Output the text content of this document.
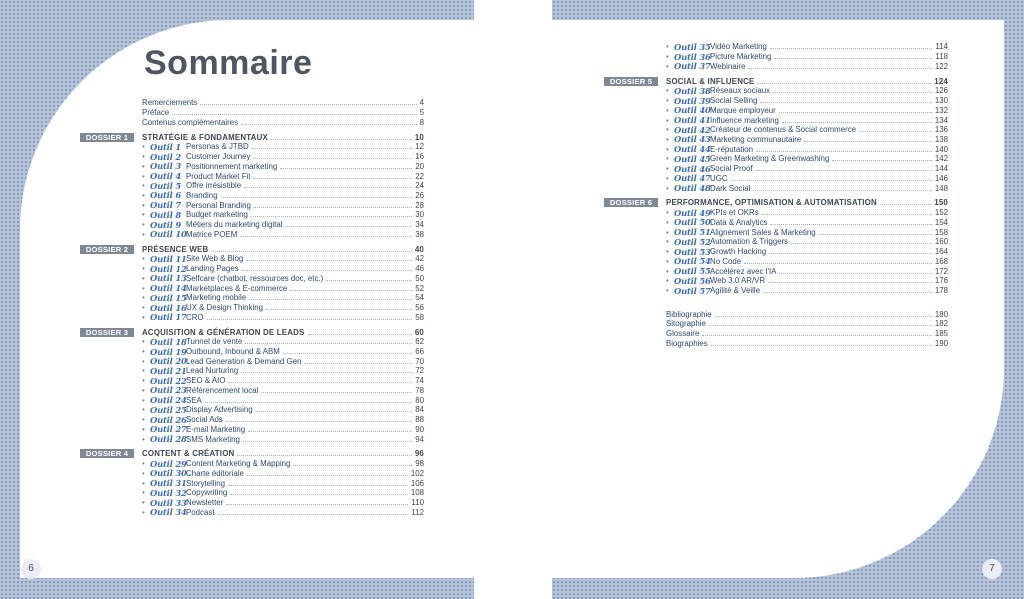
6	7
Sommaire
Remerciements	4
Préface	5
Contenus complémentaires	8
DOSSIER 1	STRATÉGIE & FONDAMENTAUX	10
• Outil 1 Personas & JTBD	12
• Outil 2 Customer Journey	16
• Outil 3 Positionnement marketing	20
• Outil 4 Product Market Fit	22
• Outil 5 Offre irrésistible	24
• Outil 6 Branding	26
• Outil 7 Personal Branding	28
• Outil 8 Budget marketing	30
• Outil 9 Métiers du marketing digital	34
• Outil 10 Matrice POEM	38
DOSSIER 2	PRÉSENCE WEB	40
• Outil 11 Site Web & Blog	42
• Outil 12 Landing Pages	46
• Outil 13 Selfcare (chatbot, ressources doc, etc.)	50
• Outil 14 Marketplaces & E-commerce	52
• Outil 15 Marketing mobile	54
• Outil 16 UX & Design Thinking	56
• Outil 17 CRO	58
DOSSIER 3	ACQUISITION & GÉNÉRATION DE LEADS	60
• Outil 18 Tunnel de vente	62
• Outil 19 Outbound, Inbound & ABM	66
• Outil 20 Lead Generation & Demand Gen	70
• Outil 21 Lead Nurturing	72
• Outil 22 SEO & AIO	74
• Outil 23 Référencement local	78
• Outil 24 SEA	80
• Outil 25 Display Advertising	84
• Outil 26 Social Ads	88
• Outil 27 E-mail Marketing	90
• Outil 28 SMS Marketing	94
DOSSIER 4	CONTENT & CRÉATION	96
• Outil 29 Content Marketing & Mapping	98
• Outil 30 Charte éditoriale	102
• Outil 31 Storytelling	106
• Outil 32 Copywriting	108
• Outil 33 Newsletter	110
• Outil 34 Podcast	112
• Outil 35 Vidéo Marketing	114
• Outil 36 Picture Marketing	118
• Outil 37 Webinaire	122
DOSSIER 5	SOCIAL & INFLUENCE	124
• Outil 38 Réseaux sociaux	126
• Outil 39 Social Selling	130
• Outil 40 Marque employeur	132
• Outil 41 Influence marketing	134
• Outil 42 Créateur de contenus & Social commerce	136
• Outil 43 Marketing communautaire	138
• Outil 44 E-réputation	140
• Outil 45 Green Marketing & Greenwashing	142
• Outil 46 Social Proof	144
• Outil 47 UGC	146
• Outil 48 Dark Social	148
DOSSIER 6	PERFORMANCE, OPTIMISATION & AUTOMATISATION	150
• Outil 49 KPIs et OKRs	152
• Outil 50 Data & Analytics	154
• Outil 51 Alignement Sales & Marketing	158
• Outil 52 Automation & Triggers	160
• Outil 53 Growth Hacking	164
• Outil 54 No Code	168
• Outil 55 Accélérez avec l'IA	172
• Outil 56 Web 3.0 AR/VR	176
• Outil 57 Agilité & Veille	178
Bibliographie	180
Sitographie	182
Glossaire	185
Biographies	190
